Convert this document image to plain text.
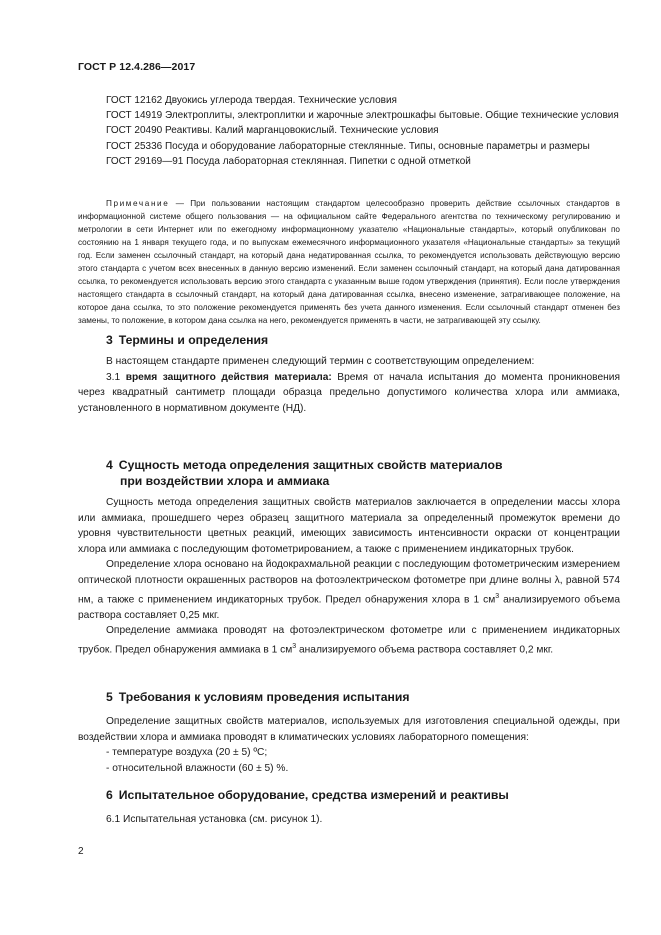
ГОСТ Р 12.4.286—2017
ГОСТ 12162 Двуокись углерода твердая. Технические условия
ГОСТ 14919 Электроплиты, электроплитки и жарочные электрошкафы бытовые. Общие технические условия
ГОСТ 20490 Реактивы. Калий марганцовокислый. Технические условия
ГОСТ 25336 Посуда и оборудование лабораторные стеклянные. Типы, основные параметры и размеры
ГОСТ 29169—91 Посуда лабораторная стеклянная. Пипетки с одной отметкой
Примечание — При пользовании настоящим стандартом целесообразно проверить действие ссылочных стандартов в информационной системе общего пользования — на официальном сайте Федерального агентства по техническому регулированию и метрологии в сети Интернет или по ежегодному информационному указателю «Национальные стандарты», который опубликован по состоянию на 1 января текущего года, и по выпускам ежемесячного информационного указателя «Национальные стандарты» за текущий год. Если заменен ссылочный стандарт, на который дана недатированная ссылка, то рекомендуется использовать действующую версию этого стандарта с учетом всех внесенных в данную версию изменений. Если заменен ссылочный стандарт, на который дана датированная ссылка, то рекомендуется использовать версию этого стандарта с указанным выше годом утверждения (принятия). Если после утверждения настоящего стандарта в ссылочный стандарт, на который дана датированная ссылка, внесено изменение, затрагивающее положение, на которое дана ссылка, то это положение рекомендуется применять без учета данного изменения. Если ссылочный стандарт отменен без замены, то положение, в котором дана ссылка на него, рекомендуется применять в части, не затрагивающей эту ссылку.
3 Термины и определения
В настоящем стандарте применен следующий термин с соответствующим определением:
3.1 время защитного действия материала: Время от начала испытания до момента проникновения через квадратный сантиметр площади образца предельно допустимого количества хлора или аммиака, установленного в нормативном документе (НД).
4 Сущность метода определения защитных свойств материалов
при воздействии хлора и аммиака
Сущность метода определения защитных свойств материалов заключается в определении массы хлора или аммиака, прошедшего через образец защитного материала за определенный промежуток времени до уровня чувствительности цветных реакций, имеющих зависимость интенсивности окраски от концентрации хлора или аммиака с последующим фотометрированием, а также с применением индикаторных трубок.
Определение хлора основано на йодокрахмальной реакции с последующим фотометрическим измерением оптической плотности окрашенных растворов на фотоэлектрическом фотометре при длине волны λ, равной 574 нм, а также с применением индикаторных трубок. Предел обнаружения хлора в 1 $см^3$ анализируемого объема раствора составляет 0,25 мкг.
Определение аммиака проводят на фотоэлектрическом фотометре или с применением индикаторных трубок. Предел обнаружения аммиака в 1 $см^3$ анализируемого объема раствора составляет 0,2 мкг.
5 Требования к условиям проведения испытания
Определение защитных свойств материалов, используемых для изготовления специальной одежды, при воздействии хлора и аммиака проводят в климатических условиях лабораторного помещения:
- температуре воздуха (20 ± 5) ºС;
- относительной влажности (60 ± 5) %.
6 Испытательное оборудование, средства измерений и реактивы
6.1 Испытательная установка (см. рисунок 1).
2
